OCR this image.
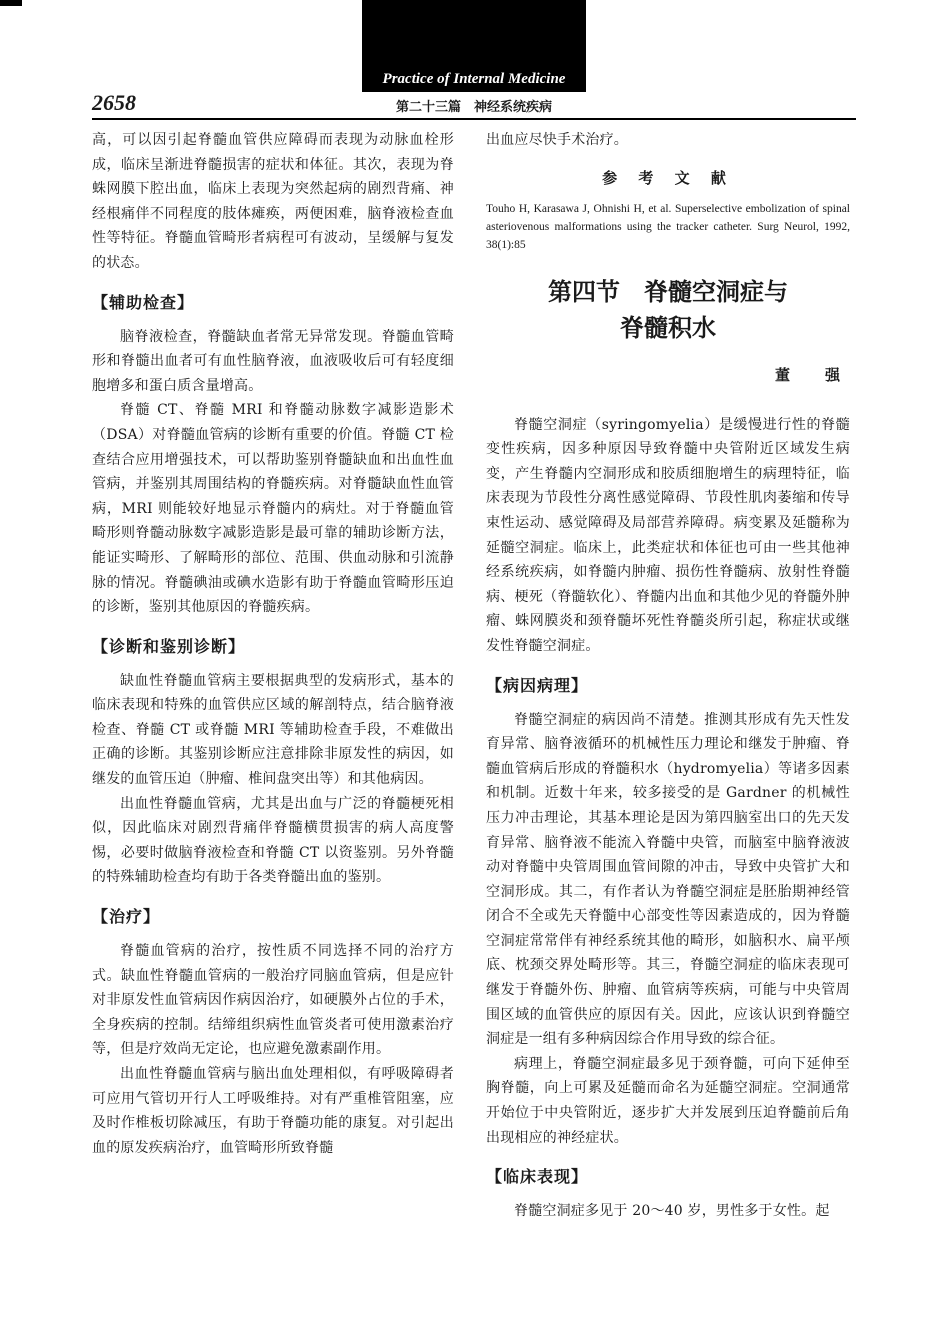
Practice of Internal Medicine
2658	第二十三篇　神经系统疾病

高，可以因引起脊髓血管供应障碍而表现为动脉血栓形成，临床呈渐进脊髓损害的症状和体征。其次，表现为脊蛛网膜下腔出血，临床上表现为突然起病的剧烈背痛、神经根痛伴不同程度的肢体瘫痪，两便困难，脑脊液检查血性等特征。脊髓血管畸形者病程可有波动，呈缓解与复发的状态。

【辅助检查】

脑脊液检查，脊髓缺血者常无异常发现。脊髓血管畸形和脊髓出血者可有血性脑脊液，血液吸收后可有轻度细胞增多和蛋白质含量增高。

脊髓 CT、脊髓 MRI 和脊髓动脉数字减影造影术（DSA）对脊髓血管病的诊断有重要的价值。脊髓 CT 检查结合应用增强技术，可以帮助鉴别脊髓缺血和出血性血管病，并鉴别其周围结构的脊髓疾病。对脊髓缺血性血管病，MRI 则能较好地显示脊髓内的病灶。对于脊髓血管畸形则脊髓动脉数字减影造影是最可靠的辅助诊断方法，能证实畸形、了解畸形的部位、范围、供血动脉和引流静脉的情况。脊髓碘油或碘水造影有助于脊髓血管畸形压迫的诊断，鉴别其他原因的脊髓疾病。

【诊断和鉴别诊断】

缺血性脊髓血管病主要根据典型的发病形式，基本的临床表现和特殊的血管供应区域的解剖特点，结合脑脊液检查、脊髓 CT 或脊髓 MRI 等辅助检查手段，不难做出正确的诊断。其鉴别诊断应注意排除非原发性的病因，如继发的血管压迫（肿瘤、椎间盘突出等）和其他病因。

出血性脊髓血管病，尤其是出血与广泛的脊髓梗死相似，因此临床对剧烈背痛伴脊髓横贯损害的病人高度警惕，必要时做脑脊液检查和脊髓 CT 以资鉴别。另外脊髓的特殊辅助检查均有助于各类脊髓出血的鉴别。

【治疗】

脊髓血管病的治疗，按性质不同选择不同的治疗方式。缺血性脊髓血管病的一般治疗同脑血管病，但是应针对非原发性血管病因作病因治疗，如硬膜外占位的手术，全身疾病的控制。结缔组织病性血管炎者可使用激素治疗等，但是疗效尚无定论，也应避免激素副作用。

出血性脊髓血管病与脑出血处理相似，有呼吸障碍者可应用气管切开行人工呼吸维持。对有严重椎管阻塞，应及时作椎板切除减压，有助于脊髓功能的康复。对引起出血的原发疾病治疗，血管畸形所致脊髓

出血应尽快手术治疗。

参 考 文 献

Touho H, Karasawa J, Ohnishi H, et al. Superselective embolization of spinal asteriovenous malformations using the tracker catheter. Surg Neurol, 1992, 38(1):85

第四节　脊髓空洞症与
脊髓积水
董　强

脊髓空洞症（syringomyelia）是缓慢进行性的脊髓变性疾病，因多种原因导致脊髓中央管附近区域发生病变，产生脊髓内空洞形成和胶质细胞增生的病理特征，临床表现为节段性分离性感觉障碍、节段性肌肉萎缩和传导束性运动、感觉障碍及局部营养障碍。病变累及延髓称为延髓空洞症。临床上，此类症状和体征也可由一些其他神经系统疾病，如脊髓内肿瘤、损伤性脊髓病、放射性脊髓病、梗死（脊髓软化）、脊髓内出血和其他少见的脊髓外肿瘤、蛛网膜炎和颈脊髓坏死性脊髓炎所引起，称症状或继发性脊髓空洞症。

【病因病理】

脊髓空洞症的病因尚不清楚。推测其形成有先天性发育异常、脑脊液循环的机械性压力理论和继发于肿瘤、脊髓血管病后形成的脊髓积水（hydromyelia）等诸多因素和机制。近数十年来，较多接受的是 Gardner 的机械性压力冲击理论，其基本理论是因为第四脑室出口的先天发育异常、脑脊液不能流入脊髓中央管，而脑室中脑脊液波动对脊髓中央管周围血管间隙的冲击，导致中央管扩大和空洞形成。其二，有作者认为脊髓空洞症是胚胎期神经管闭合不全或先天脊髓中心部变性等因素造成的，因为脊髓空洞症常常伴有神经系统其他的畸形，如脑积水、扁平颅底、枕颈交界处畸形等。其三，脊髓空洞症的临床表现可继发于脊髓外伤、肿瘤、血管病等疾病，可能与中央管周围区域的血管供应的原因有关。因此，应该认识到脊髓空洞症是一组有多种病因综合作用导致的综合征。

病理上，脊髓空洞症最多见于颈脊髓，可向下延伸至胸脊髓，向上可累及延髓而命名为延髓空洞症。空洞通常开始位于中央管附近，逐步扩大并发展到压迫脊髓前后角出现相应的神经症状。

【临床表现】

脊髓空洞症多见于 20～40 岁，男性多于女性。起
